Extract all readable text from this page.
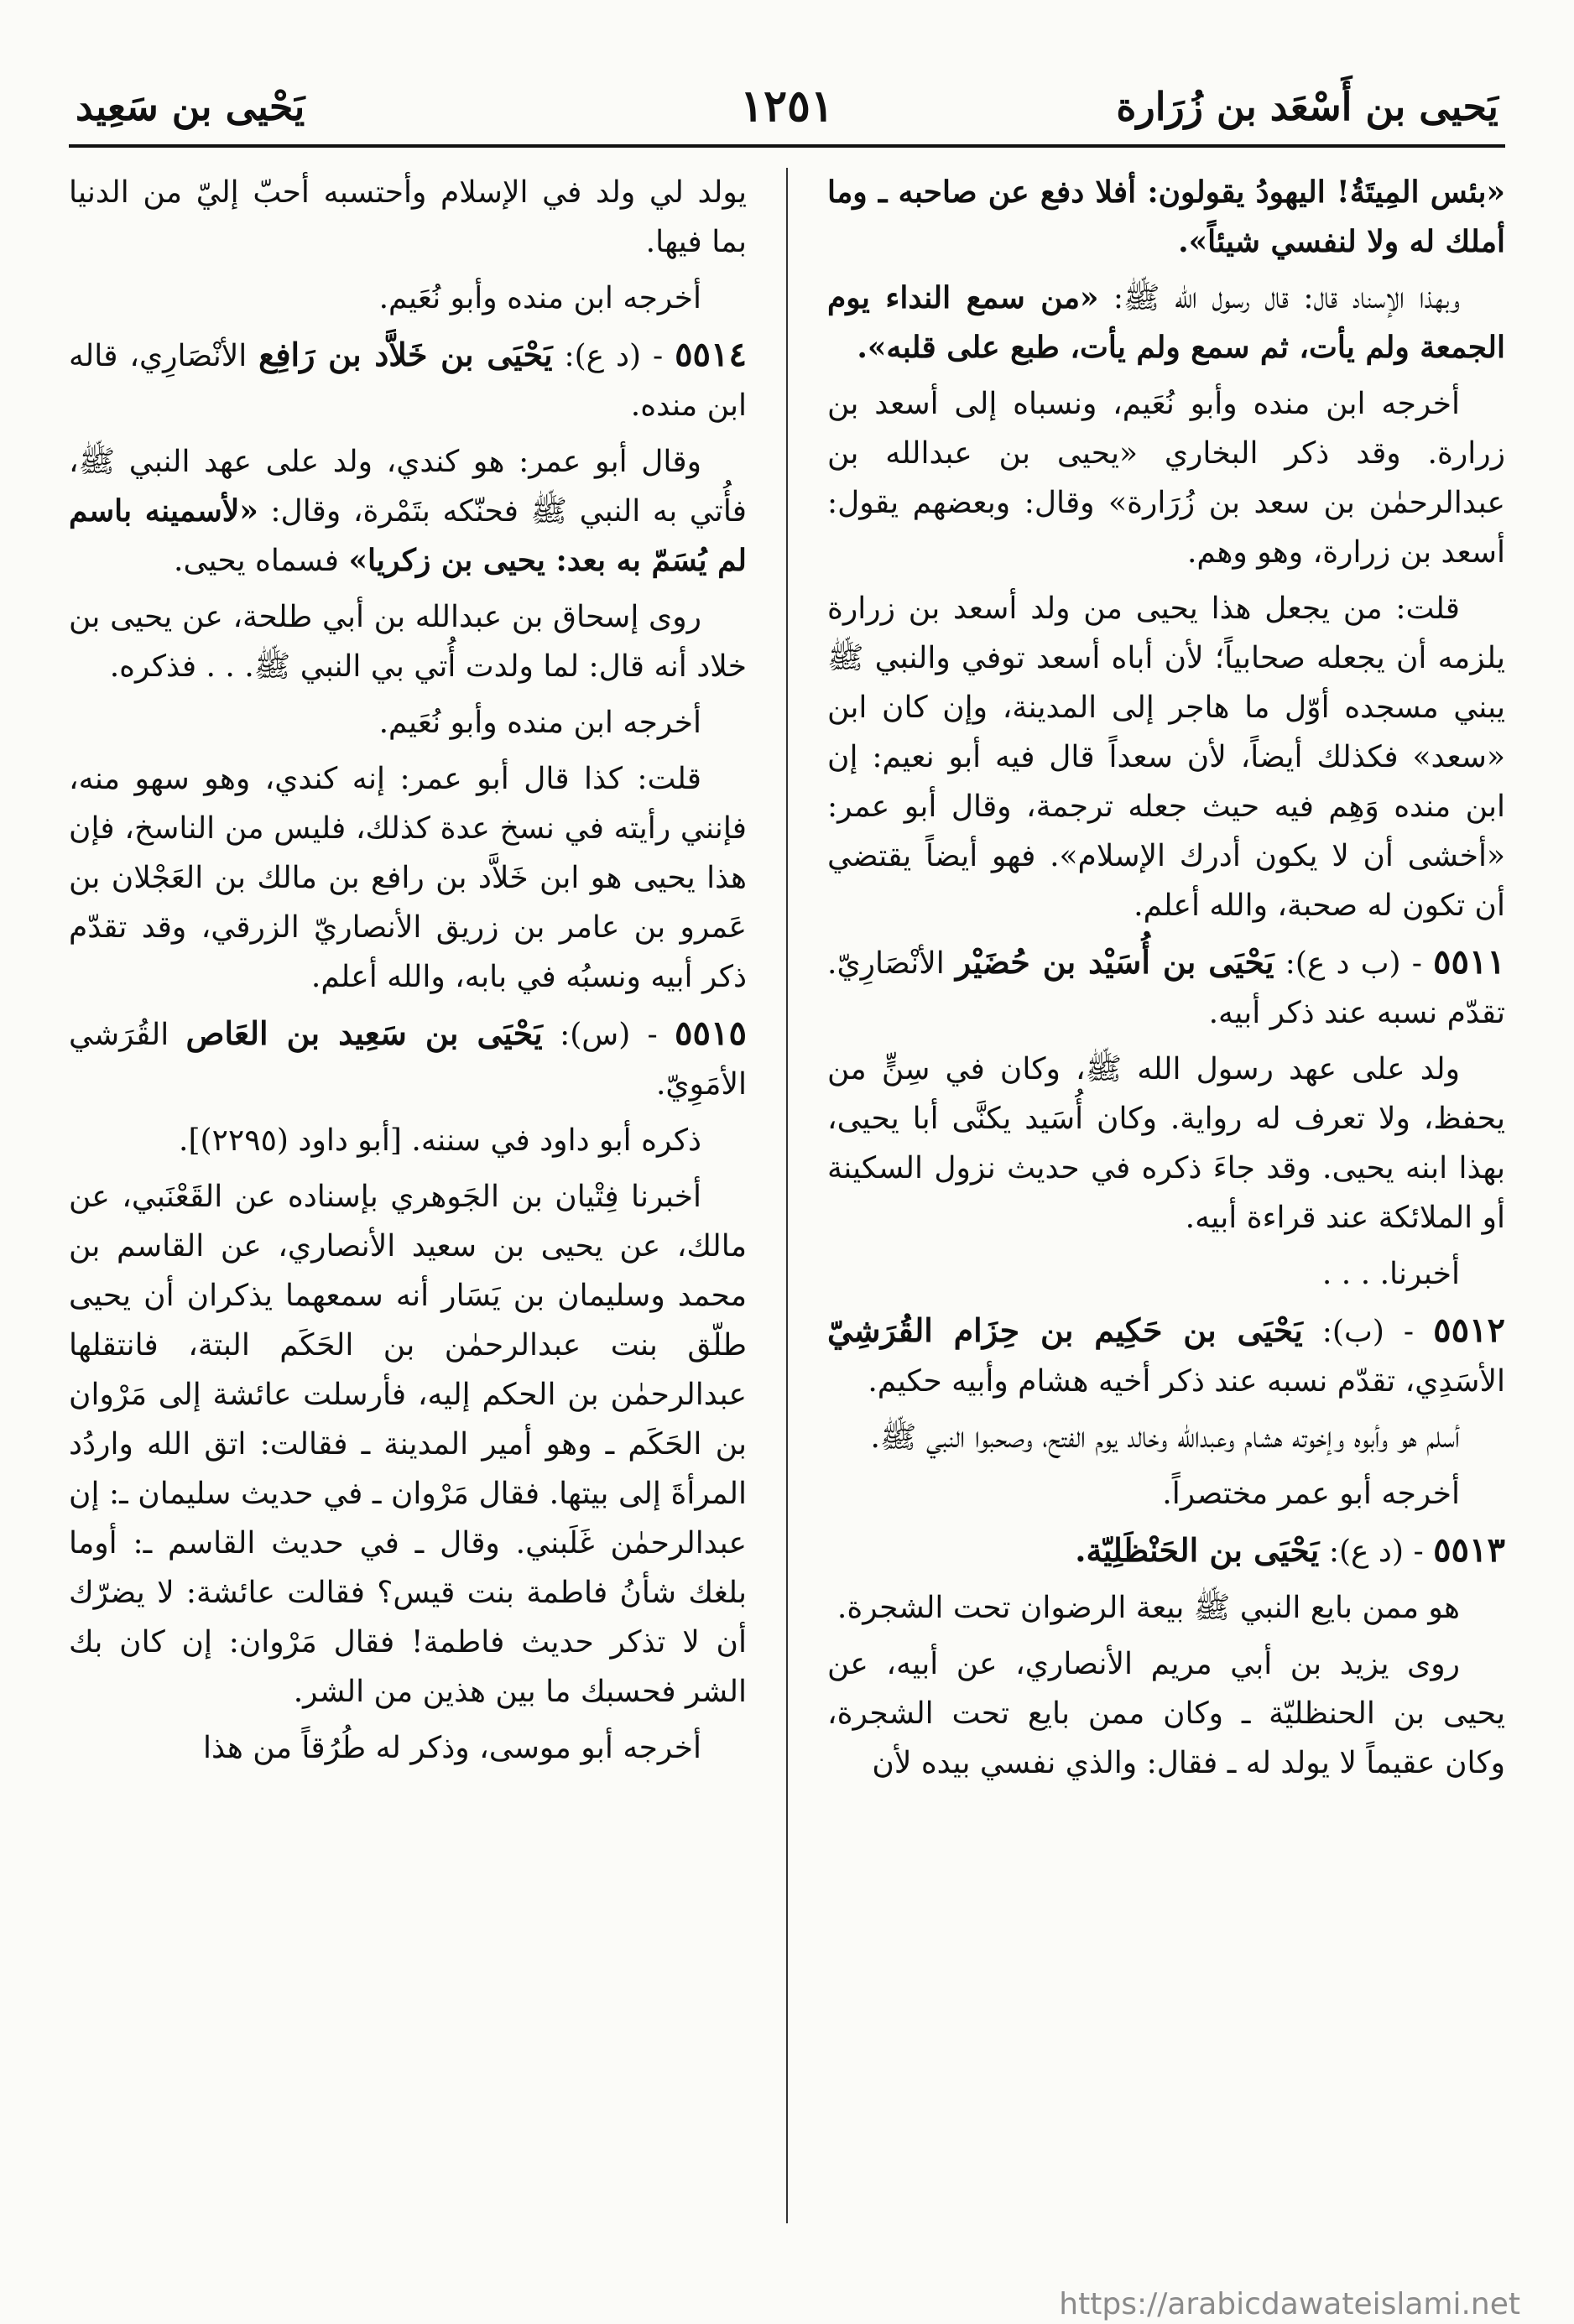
يَحيى بن أَسْعَد بن زُرَارة
١٢٥١
يَحْيى بن سَعِيد

«بئس المِيتَةُ! اليهودُ يقولون: أفلا دفع عن صاحبه ـ وما أملك له ولا لنفسي شيئاً».

وبهذا الإسناد قال: قال رسول الله ﷺ: «من سمع النداء يوم الجمعة ولم يأت، ثم سمع ولم يأت، طبع على قلبه».

أخرجه ابن منده وأبو نُعَيم، ونسباه إلى أسعد بن زرارة. وقد ذكر البخاري «يحيى بن عبدالله بن عبدالرحمٰن بن سعد بن زُرَارة» وقال: وبعضهم يقول: أسعد بن زرارة، وهو وهم.

قلت: من يجعل هذا يحيى من ولد أسعد بن زرارة يلزمه أن يجعله صحابياً؛ لأن أباه أسعد توفي والنبي ﷺ يبني مسجده أوّل ما هاجر إلى المدينة، وإن كان ابن «سعد» فكذلك أيضاً، لأن سعداً قال فيه أبو نعيم: إن ابن منده وَهِم فيه حيث جعله ترجمة، وقال أبو عمر: «أخشى أن لا يكون أدرك الإسلام». فهو أيضاً يقتضي أن تكون له صحبة، والله أعلم.

٥٥١١ - (ب د ع): يَحْيَى بن أُسَيْد بن حُضَيْر الأنْصَارِيّ. تقدّم نسبه عند ذكر أبيه.

ولد على عهد رسول الله ﷺ، وكان في سِنٍّ من يحفظ، ولا تعرف له رواية. وكان أُسَيد يكنَّى أبا يحيى، بهذا ابنه يحيى. وقد جاءَ ذكره في حديث نزول السكينة أو الملائكة عند قراءة أبيه.

أخبرنا. . . .

٥٥١٢ - (ب): يَحْيَى بن حَكِيم بن حِزَام القُرَشِيّ الأسَدِي، تقدّم نسبه عند ذكر أخيه هشام وأبيه حكيم.

أسلم هو وأبوه وإخوته هشام وعبدالله وخالد يوم الفتح، وصحبوا النبي ﷺ.

أخرجه أبو عمر مختصراً.

٥٥١٣ - (د ع): يَحْيَى بن الحَنْظَلِيّة.

هو ممن بايع النبي ﷺ بيعة الرضوان تحت الشجرة.

روى يزيد بن أبي مريم الأنصاري، عن أبيه، عن يحيى بن الحنظليّة ـ وكان ممن بايع تحت الشجرة، وكان عقيماً لا يولد له ـ فقال: والذي نفسي بيده لأن

يولد لي ولد في الإسلام وأحتسبه أحبّ إليّ من الدنيا بما فيها.

أخرجه ابن منده وأبو نُعَيم.

٥٥١٤ - (د ع): يَحْيَى بن خَلاَّد بن رَافِع الأنْصَارِي، قاله ابن منده.

وقال أبو عمر: هو كندي، ولد على عهد النبي ﷺ، فأُتي به النبي ﷺ فحنّكه بتَمْرة، وقال: «لأسمينه باسم لم يُسَمّ به بعد: يحيى بن زكريا» فسماه يحيى.

روى إسحاق بن عبدالله بن أبي طلحة، عن يحيى بن خلاد أنه قال: لما ولدت أُتي بي النبي ﷺ. . . فذكره.

أخرجه ابن منده وأبو نُعَيم.

قلت: كذا قال أبو عمر: إنه كندي، وهو سهو منه، فإنني رأيته في نسخ عدة كذلك، فليس من الناسخ، فإن هذا يحيى هو ابن خَلاَّد بن رافع بن مالك بن العَجْلان بن عَمرو بن عامر بن زريق الأنصاريّ الزرقي، وقد تقدّم ذكر أبيه ونسبُه في بابه، والله أعلم.

٥٥١٥ - (س): يَحْيَى بن سَعِيد بن العَاص القُرَشي الأمَوِيّ.

ذكره أبو داود في سننه. [أبو داود (٢٢٩٥)].

أخبرنا فِتْيان بن الجَوهري بإسناده عن القَعْنَبي، عن مالك، عن يحيى بن سعيد الأنصاري، عن القاسم بن محمد وسليمان بن يَسَار أنه سمعهما يذكران أن يحيى طلّق بنت عبدالرحمٰن بن الحَكَم البتة، فانتقلها عبدالرحمٰن بن الحكم إليه، فأرسلت عائشة إلى مَرْوان بن الحَكَم ـ وهو أمير المدينة ـ فقالت: اتق الله واردُد المرأةَ إلى بيتها. فقال مَرْوان ـ في حديث سليمان ـ: إن عبدالرحمٰن غَلَبني. وقال ـ في حديث القاسم ـ: أوما بلغك شأنُ فاطمة بنت قيس؟ فقالت عائشة: لا يضرّك أن لا تذكر حديث فاطمة! فقال مَرْوان: إن كان بك الشر فحسبك ما بين هذين من الشر.

أخرجه أبو موسى، وذكر له طُرُقاً من هذا

https://arabicdawateislami.net
